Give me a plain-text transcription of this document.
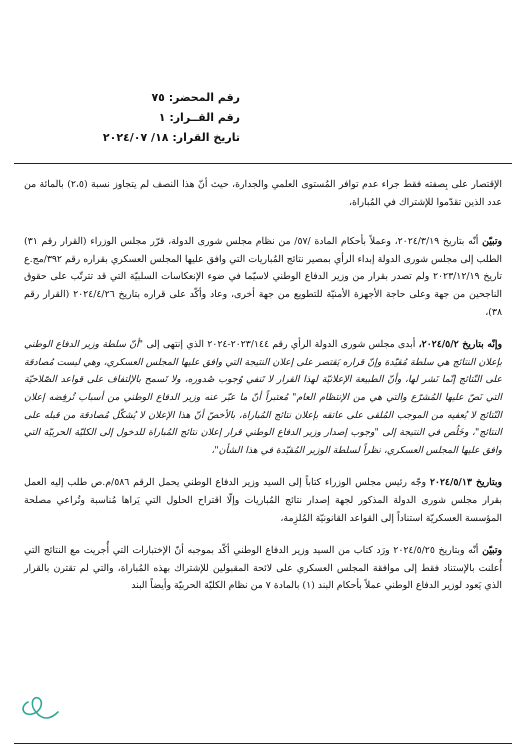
رقم المحضر: ٧٥
رقم القــرار: ١
تاريخ القرار: ١٨/ ٢٠٢٤/٠٧

الإقتصار على بِصفته فقط جراء عدم توافر المُستوى العلمي والجدارة، حيث أنّ هذا النصف لم يتجاوز نسبة (٢،٥) بالمائة من عدد الذين تقدّموا للإشتراك في المُباراة،

وتبيّن أنّه بتاريخ ٢٠٢٤/٣/١٩، وعملاً بأحكام المادة /٥٧/ من نظام مجلس شورى الدولة، قرّر مجلس الوزراء (القرار رقم ٣١) الطلب إلى مجلس شورى الدولة إبداء الرأي بمصير نتائج المُباريات التي وافق عليها المجلس العسكري بقراره رقم ٣٩٢/مج.ع تاريخ ٢٠٢٣/١٢/١٩ ولم تصدر بقرار من وزير الدفاع الوطني لاسيّما في ضوء الإنعكاسات السلبيّة التي قد تترتّب على حقوق الناجحين من جهة وعلى حاجة الأجهزة الأمنيّة للتطويع من جهة أخرى، وعاد وأكّد على قراره بتاريخ ٢٠٢٤/٤/٢٦ (القرار رقم ٣٨)،

وإنّه بتاريخ ٢٠٢٤/٥/٢، أبدى مجلس شورى الدولة الرأي رقم ٢٠٢٣/١٤٤-٢٠٢٤ الذي إنتهى إلى "أنّ سلطة وزير الدفاع الوطني بإعلان النتائج هي سلطة مُقيّدة وإنّ قراره يَقتصر على إعلان النتيجة التي وافق عليها المجلس العسكري، وهي ليست مُصادقة على النّتائج إنّما نَشر لها، وأنّ الطبيعة الإعلانيّة لهذا القرار لا تَنفي وُجوب صُدوره، ولا تَسمح بالإلتفاف على قواعد الصّلاحيّة التي نَصّ عليها المُشرّع والتي هي من الإنتظام العام" مُعتبراً أنّ ما عبّر عنه وزير الدفاع الوطني من أسباب تُرفِضه إعلان النّتائج لا يُعفيه من الموجب المُلقى على عاتقه بإعلان نتائج المُباراة، بالأخصّ أنّ هذا الإعلان لا يُشكّل مُصادقة من قبله على النتائج"، وخَلُص في النتيجة إلى "وجوب إصدار وزير الدفاع الوطني قرار إعلان نتائج المُباراة للدخول إلى الكليّة الحربيّة التي وافق عليها المجلس العسكري، نظراً لسلطة الوزير المُقيّدة في هذا الشأن"،

وبتاريخ ٢٠٢٤/٥/١٣ وجّه رئيس مجلس الوزراء كتاباً إلى السيد وزير الدفاع الوطني يحمل الرقم ٥٨٦/م.ص طلب إليه العمل بقرار مجلس شورى الدولة المذكور لجهة إصدار نتائج المُباريات وإلّا اقتراح الحلول التي يَراها مُناسبة وتُراعي مصلحة المؤسسة العسكريّة استناداً إلى القواعد القانونيّة المُلزِمة،

وتبيّن أنّه وبتاريخ ٢٠٢٤/٥/٢٥ ورَد كتاب من السيد وزير الدفاع الوطني أكّد بموجبه أنّ الإختبارات التي أُجريت مع النتائج التي أُعلنت بالإستناد فقط إلى موافقة المجلس العسكري على لائحة المقبولين للإشتراك بهذه المُباراة، والتي لم تقترن بالقرار الذي يَعود لوزير الدفاع الوطني عملاً بأحكام البند (١) بالمادة ٧ من نظام الكليّة الحربيّة وأيضاً البند
